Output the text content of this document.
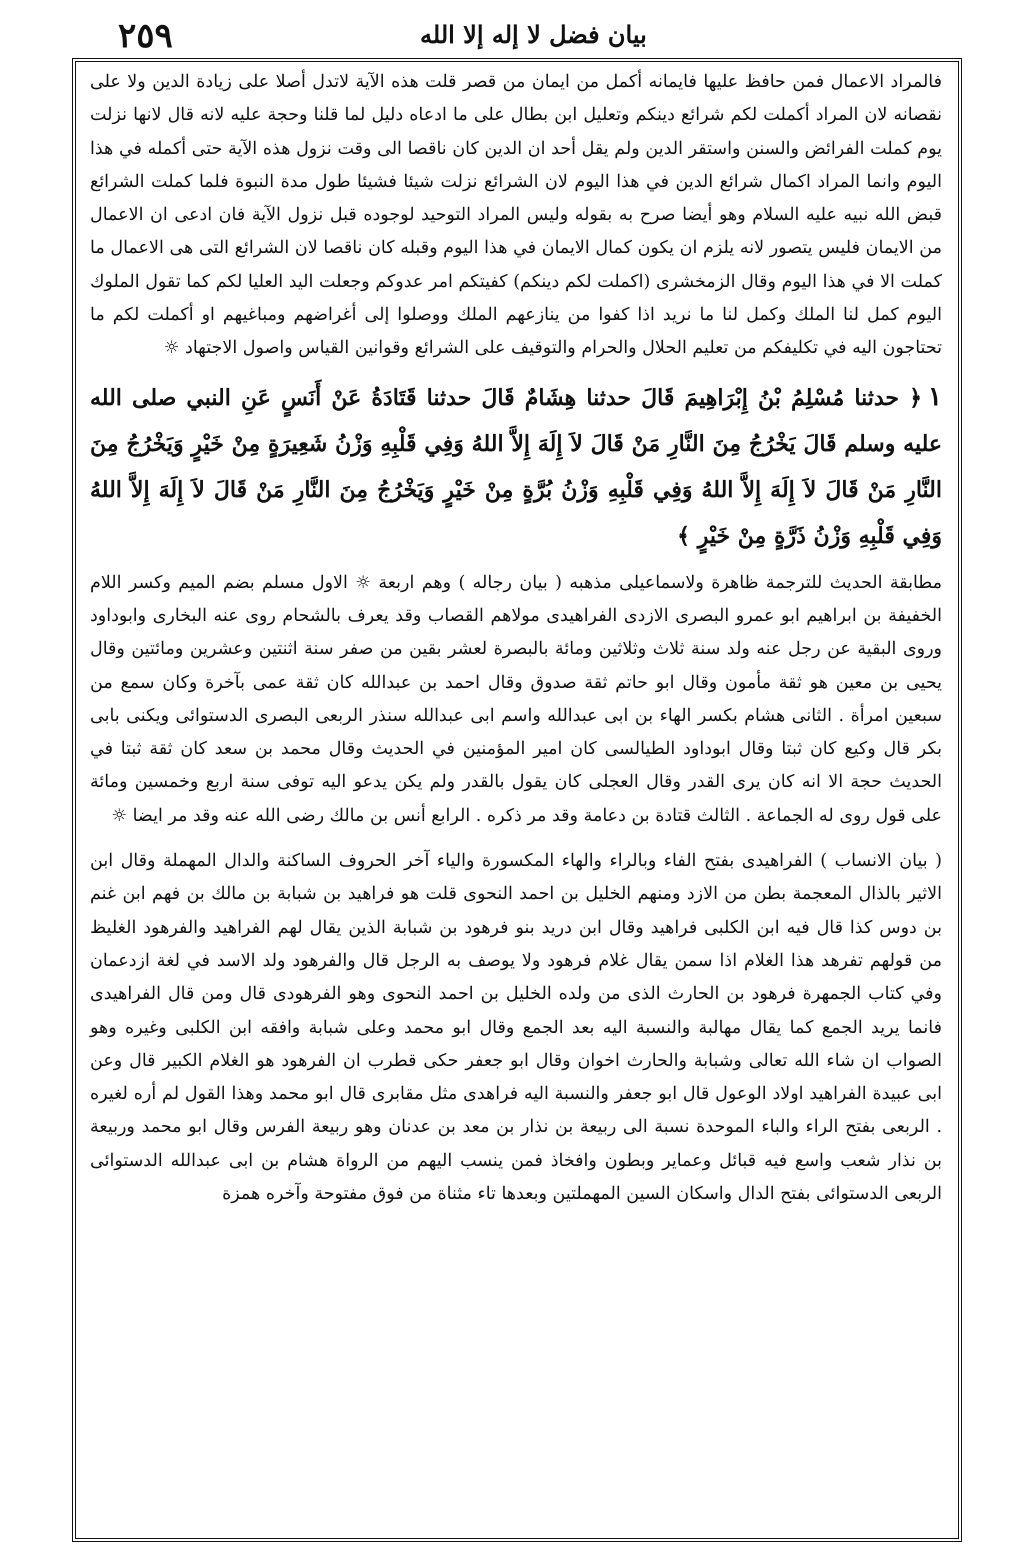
٢٥٩	بيان فضل لا إله إلا الله

فالمراد الاعمال فمن حافظ عليها فايمانه أكمل من ايمان من قصر قلت هذه الآية لاتدل أصلا على زيادة الدين ولا على نقصانه لان المراد أكملت لكم شرائع دينكم وتعليل ابن بطال على ما ادعاه دليل لما قلنا وحجة عليه لانه قال لانها نزلت يوم كملت الفرائض والسنن واستقر الدين ولم يقل أحد ان الدين كان ناقصا الى وقت نزول هذه الآية حتى أكمله في هذا اليوم وانما المراد اكمال شرائع الدين في هذا اليوم لان الشرائع نزلت شيئا فشيئا طول مدة النبوة فلما كملت الشرائع قبض الله نبيه عليه السلام وهو أيضا صرح به بقوله وليس المراد التوحيد لوجوده قبل نزول الآية فان ادعى ان الاعمال من الايمان فليس يتصور لانه يلزم ان يكون كمال الايمان في هذا اليوم وقبله كان ناقصا لان الشرائع التى هى الاعمال ما كملت الا في هذا اليوم وقال الزمخشرى (اكملت لكم دينكم) كفيتكم امر عدوكم وجعلت اليد العليا لكم كما تقول الملوك اليوم كمل لنا الملك وكمل لنا ما نريد اذا كفوا من ينازعهم الملك ووصلوا إلى أغراضهم ومباغيهم او أكملت لكم ما تحتاجون اليه في تكليفكم من تعليم الحلال والحرام والتوقيف على الشرائع وقوانين القياس واصول الاجتهاد ☼

١﴿ حدثنا مُسْلِمُ بْنُ إِبْرَاهِيمَ قَالَ حدثنا هِشَامٌ قَالَ حدثنا قَتَادَةُ عَنْ أَنَسٍ عَنِ النبي صلى الله عليه وسلم قَالَ يَخْرُجُ مِنَ النَّارِ مَنْ قَالَ لاَ إِلَهَ إِلاَّ اللهُ وَفِي قَلْبِهِ وَزْنُ شَعِيرَةٍ مِنْ خَيْرٍ وَيَخْرُجُ مِنَ النَّارِ مَنْ قَالَ لاَ إِلَهَ إِلاَّ اللهُ وَفِي قَلْبِهِ وَزْنُ بُرَّةٍ مِنْ خَيْرٍ وَيَخْرُجُ مِنَ النَّارِ مَنْ قَالَ لاَ إِلَهَ إِلاَّ اللهُ وَفِي قَلْبِهِ وَزْنُ ذَرَّةٍ مِنْ خَيْرٍ ﴾

مطابقة الحديث للترجمة ظاهرة ولاسماعيلى مذهبه ( بيان رجاله ) وهم اربعة ☼ الاول مسلم بضم الميم وكسر اللام الخفيفة بن ابراهيم ابو عمرو البصرى الازدى الفراهيدى مولاهم القصاب وقد يعرف بالشحام روى عنه البخارى وابوداود وروى البقية عن رجل عنه ولد سنة ثلاث وثلاثين ومائة بالبصرة لعشر بقين من صفر سنة اثنتين وعشرين ومائتين وقال يحيى بن معين هو ثقة مأمون وقال ابو حاتم ثقة صدوق وقال احمد بن عبدالله كان ثقة عمى بآخرة وكان سمع من سبعين امرأة . الثانى هشام بكسر الهاء بن ابى عبدالله واسم ابى عبدالله سنذر الربعى البصرى الدستوائى ويكنى بابى بكر قال وكيع كان ثبتا وقال ابوداود الطيالسى كان امير المؤمنين في الحديث وقال محمد بن سعد كان ثقة ثبتا في الحديث حجة الا انه كان يرى القدر وقال العجلى كان يقول بالقدر ولم يكن يدعو اليه توفى سنة اربع وخمسين ومائة على قول روى له الجماعة . الثالث قتادة بن دعامة وقد مر ذكره . الرابع أنس بن مالك رضى الله عنه وقد مر ايضا ☼

( بيان الانساب ) الفراهيدى بفتح الفاء وبالراء والهاء المكسورة والياء آخر الحروف الساكنة والدال المهملة وقال ابن الاثير بالذال المعجمة بطن من الازد ومنهم الخليل بن احمد النحوى قلت هو فراهيد بن شبابة بن مالك بن فهم ابن غنم بن دوس كذا قال فيه ابن الكلبى فراهيد وقال ابن دريد بنو فرهود بن شبابة الذين يقال لهم الفراهيد والفرهود الغليظ من قولهم تفرهد هذا الغلام اذا سمن يقال غلام فرهود ولا يوصف به الرجل قال والفرهود ولد الاسد في لغة ازدعمان وفي كتاب الجمهرة فرهود بن الحارث الذى من ولده الخليل بن احمد النحوى وهو الفرهودى قال ومن قال الفراهيدى فانما يريد الجمع كما يقال مهالبة والنسبة اليه بعد الجمع وقال ابو محمد وعلى شبابة وافقه ابن الكلبى وغيره وهو الصواب ان شاء الله تعالى وشبابة والحارث اخوان وقال ابو جعفر حكى قطرب ان الفرهود هو الغلام الكبير قال وعن ابى عبيدة الفراهيد اولاد الوعول قال ابو جعفر والنسبة اليه فراهدى مثل مقابرى قال ابو محمد وهذا القول لم أره لغيره . الربعى بفتح الراء والباء الموحدة نسبة الى ربيعة بن نذار بن معد بن عدنان وهو ربيعة الفرس وقال ابو محمد وربيعة بن نذار شعب واسع فيه قبائل وعماير وبطون وافخاذ فمن ينسب اليهم من الرواة هشام بن ابى عبدالله الدستوائى الربعى الدستوائى بفتح الدال واسكان السين المهملتين وبعدها تاء مثناة من فوق مفتوحة وآخره همزة
